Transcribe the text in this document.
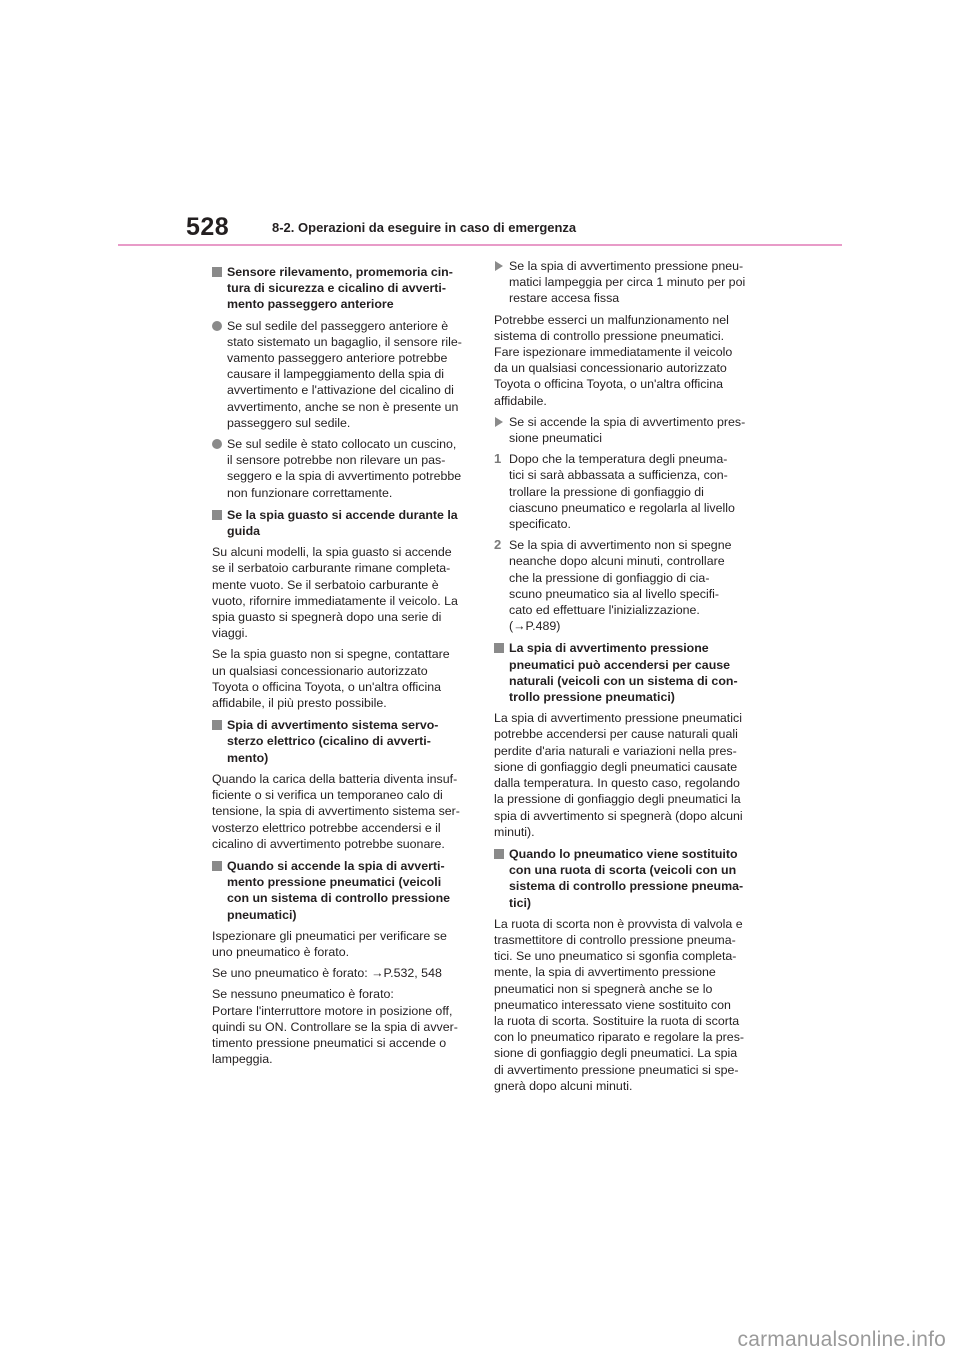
528	8-2. Operazioni da eseguire in caso di emergenza
Sensore rilevamento, promemoria cin-
tura di sicurezza e cicalino di avverti-
mento passeggero anteriore
Se sul sedile del passeggero anteriore è
stato sistemato un bagaglio, il sensore rile-
vamento passeggero anteriore potrebbe
causare il lampeggiamento della spia di
avvertimento e l'attivazione del cicalino di
avvertimento, anche se non è presente un
passeggero sul sedile.
Se sul sedile è stato collocato un cuscino,
il sensore potrebbe non rilevare un pas-
seggero e la spia di avvertimento potrebbe
non funzionare correttamente.
Se la spia guasto si accende durante la
guida
Su alcuni modelli, la spia guasto si accende
se il serbatoio carburante rimane completa-
mente vuoto. Se il serbatoio carburante è
vuoto, rifornire immediatamente il veicolo. La
spia guasto si spegnerà dopo una serie di
viaggi.
Se la spia guasto non si spegne, contattare
un qualsiasi concessionario autorizzato
Toyota o officina Toyota, o un'altra officina
affidabile, il più presto possibile.
Spia di avvertimento sistema servo-
sterzo elettrico (cicalino di avverti-
mento)
Quando la carica della batteria diventa insuf-
ficiente o si verifica un temporaneo calo di
tensione, la spia di avvertimento sistema ser-
vosterzo elettrico potrebbe accendersi e il
cicalino di avvertimento potrebbe suonare.
Quando si accende la spia di avverti-
mento pressione pneumatici (veicoli
con un sistema di controllo pressione
pneumatici)
Ispezionare gli pneumatici per verificare se
uno pneumatico è forato.
Se uno pneumatico è forato: →P.532, 548
Se nessuno pneumatico è forato:
Portare l'interruttore motore in posizione off,
quindi su ON. Controllare se la spia di avver-
timento pressione pneumatici si accende o
lampeggia.
Se la spia di avvertimento pressione pneu-
matici lampeggia per circa 1 minuto per poi
restare accesa fissa
Potrebbe esserci un malfunzionamento nel
sistema di controllo pressione pneumatici.
Fare ispezionare immediatamente il veicolo
da un qualsiasi concessionario autorizzato
Toyota o officina Toyota, o un'altra officina
affidabile.
Se si accende la spia di avvertimento pres-
sione pneumatici
1 Dopo che la temperatura degli pneuma-
tici si sarà abbassata a sufficienza, con-
trollare la pressione di gonfiaggio di
ciascuno pneumatico e regolarla al livello
specificato.
2 Se la spia di avvertimento non si spegne
neanche dopo alcuni minuti, controllare
che la pressione di gonfiaggio di cia-
scuno pneumatico sia al livello specifi-
cato ed effettuare l'inizializzazione.
(→P.489)
La spia di avvertimento pressione
pneumatici può accendersi per cause
naturali (veicoli con un sistema di con-
trollo pressione pneumatici)
La spia di avvertimento pressione pneumatici
potrebbe accendersi per cause naturali quali
perdite d'aria naturali e variazioni nella pres-
sione di gonfiaggio degli pneumatici causate
dalla temperatura. In questo caso, regolando
la pressione di gonfiaggio degli pneumatici la
spia di avvertimento si spegnerà (dopo alcuni
minuti).
Quando lo pneumatico viene sostituito
con una ruota di scorta (veicoli con un
sistema di controllo pressione pneuma-
tici)
La ruota di scorta non è provvista di valvola e
trasmettitore di controllo pressione pneuma-
tici. Se uno pneumatico si sgonfia completa-
mente, la spia di avvertimento pressione
pneumatici non si spegnerà anche se lo
pneumatico interessato viene sostituito con
la ruota di scorta. Sostituire la ruota di scorta
con lo pneumatico riparato e regolare la pres-
sione di gonfiaggio degli pneumatici. La spia
di avvertimento pressione pneumatici si spe-
gnerà dopo alcuni minuti.
carmanualsonline.info
